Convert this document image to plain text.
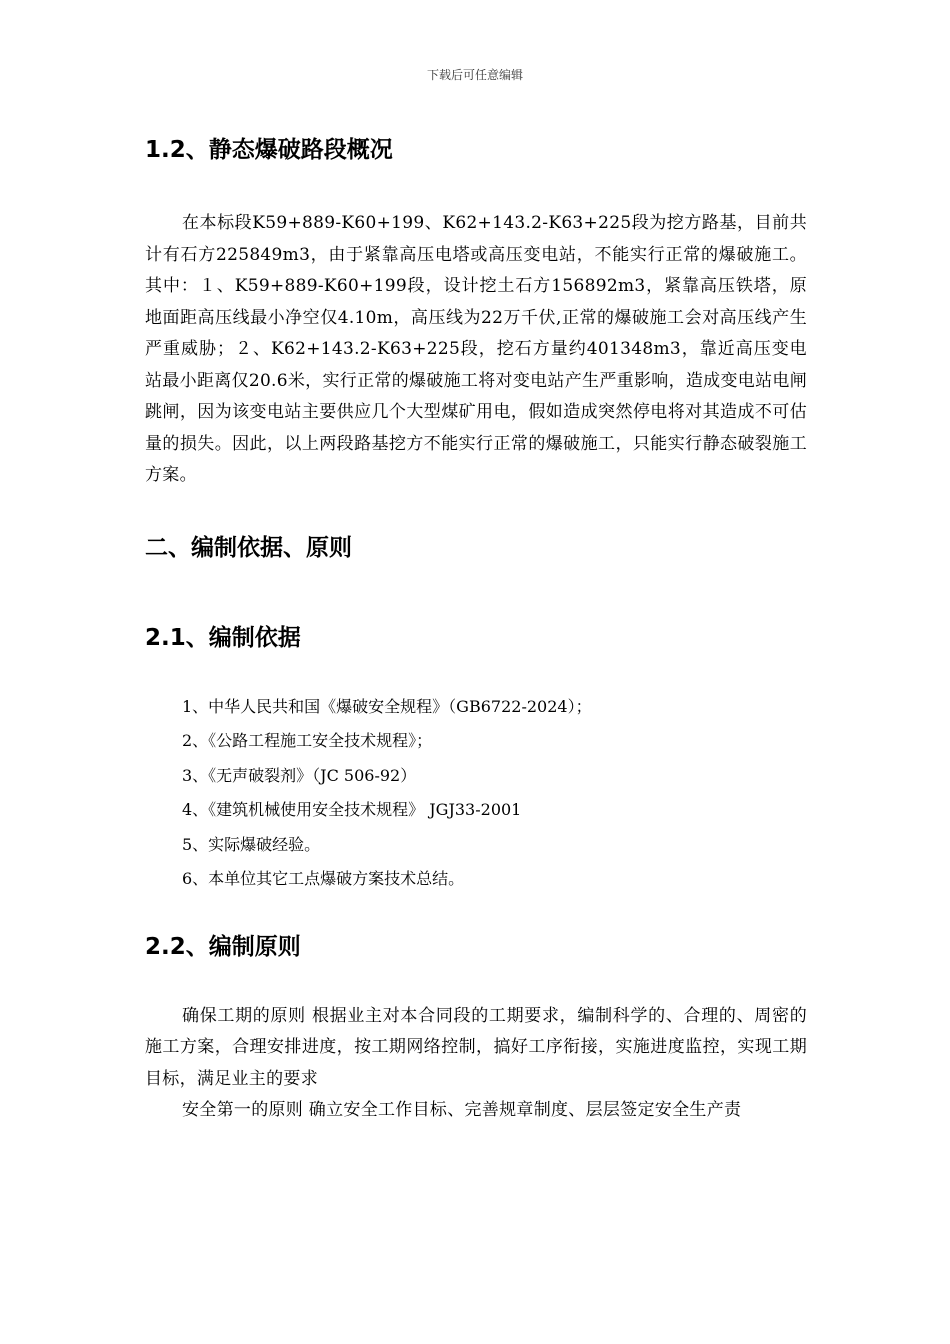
下载后可任意编辑
1.2、静态爆破路段概况

在本标段K59+889-K60+199、K62+143.2-K63+225段为挖方路基，目前共计有石方225849m3，由于紧靠高压电塔或高压变电站，不能实行正常的爆破施工。其中：１、K59+889-K60+199段，设计挖土石方156892m3，紧靠高压铁塔，原地面距高压线最小净空仅4.10m，高压线为22万千伏,正常的爆破施工会对高压线产生严重威胁；２、K62+143.2-K63+225段，挖石方量约401348m3，靠近高压变电站最小距离仅20.6米，实行正常的爆破施工将对变电站产生严重影响，造成变电站电闸跳闸，因为该变电站主要供应几个大型煤矿用电，假如造成突然停电将对其造成不可估量的损失。因此，以上两段路基挖方不能实行正常的爆破施工，只能实行静态破裂施工方案。

二、编制依据、原则
2.1、编制依据
1、中华人民共和国《爆破安全规程》（GB6722-2024）；
2、《公路工程施工安全技术规程》；
3、《无声破裂剂》（JC 506-92）
4、《建筑机械使用安全技术规程》 JGJ33-2001
5、实际爆破经验。
6、本单位其它工点爆破方案技术总结。
2.2、编制原则

确保工期的原则 根据业主对本合同段的工期要求，编制科学的、合理的、周密的施工方案，合理安排进度，按工期网络控制，搞好工序衔接，实施进度监控，实现工期目标，满足业主的要求

安全第一的原则 确立安全工作目标、完善规章制度、层层签定安全生产责
